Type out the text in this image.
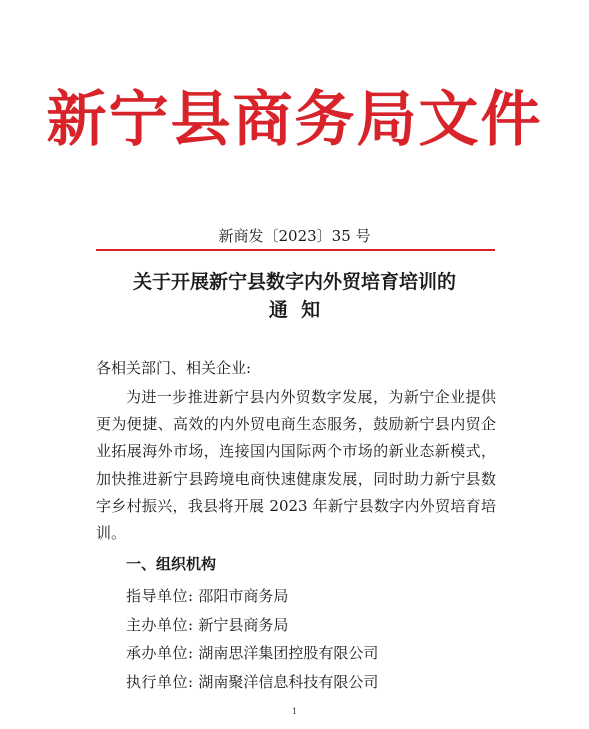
新宁县商务局文件
新商发〔2023〕35 号
关于开展新宁县数字内外贸培育培训的
通  知
各相关部门、相关企业:
为进一步推进新宁县内外贸数字发展，为新宁企业提供更为便捷、高效的内外贸电商生态服务，鼓励新宁县内贸企业拓展海外市场，连接国内国际两个市场的新业态新模式，加快推进新宁县跨境电商快速健康发展，同时助力新宁县数字乡村振兴，我县将开展 2023 年新宁县数字内外贸培育培训。
一、组织机构
指导单位: 邵阳市商务局
主办单位: 新宁县商务局
承办单位: 湖南思洋集团控股有限公司
执行单位: 湖南聚洋信息科技有限公司
1
